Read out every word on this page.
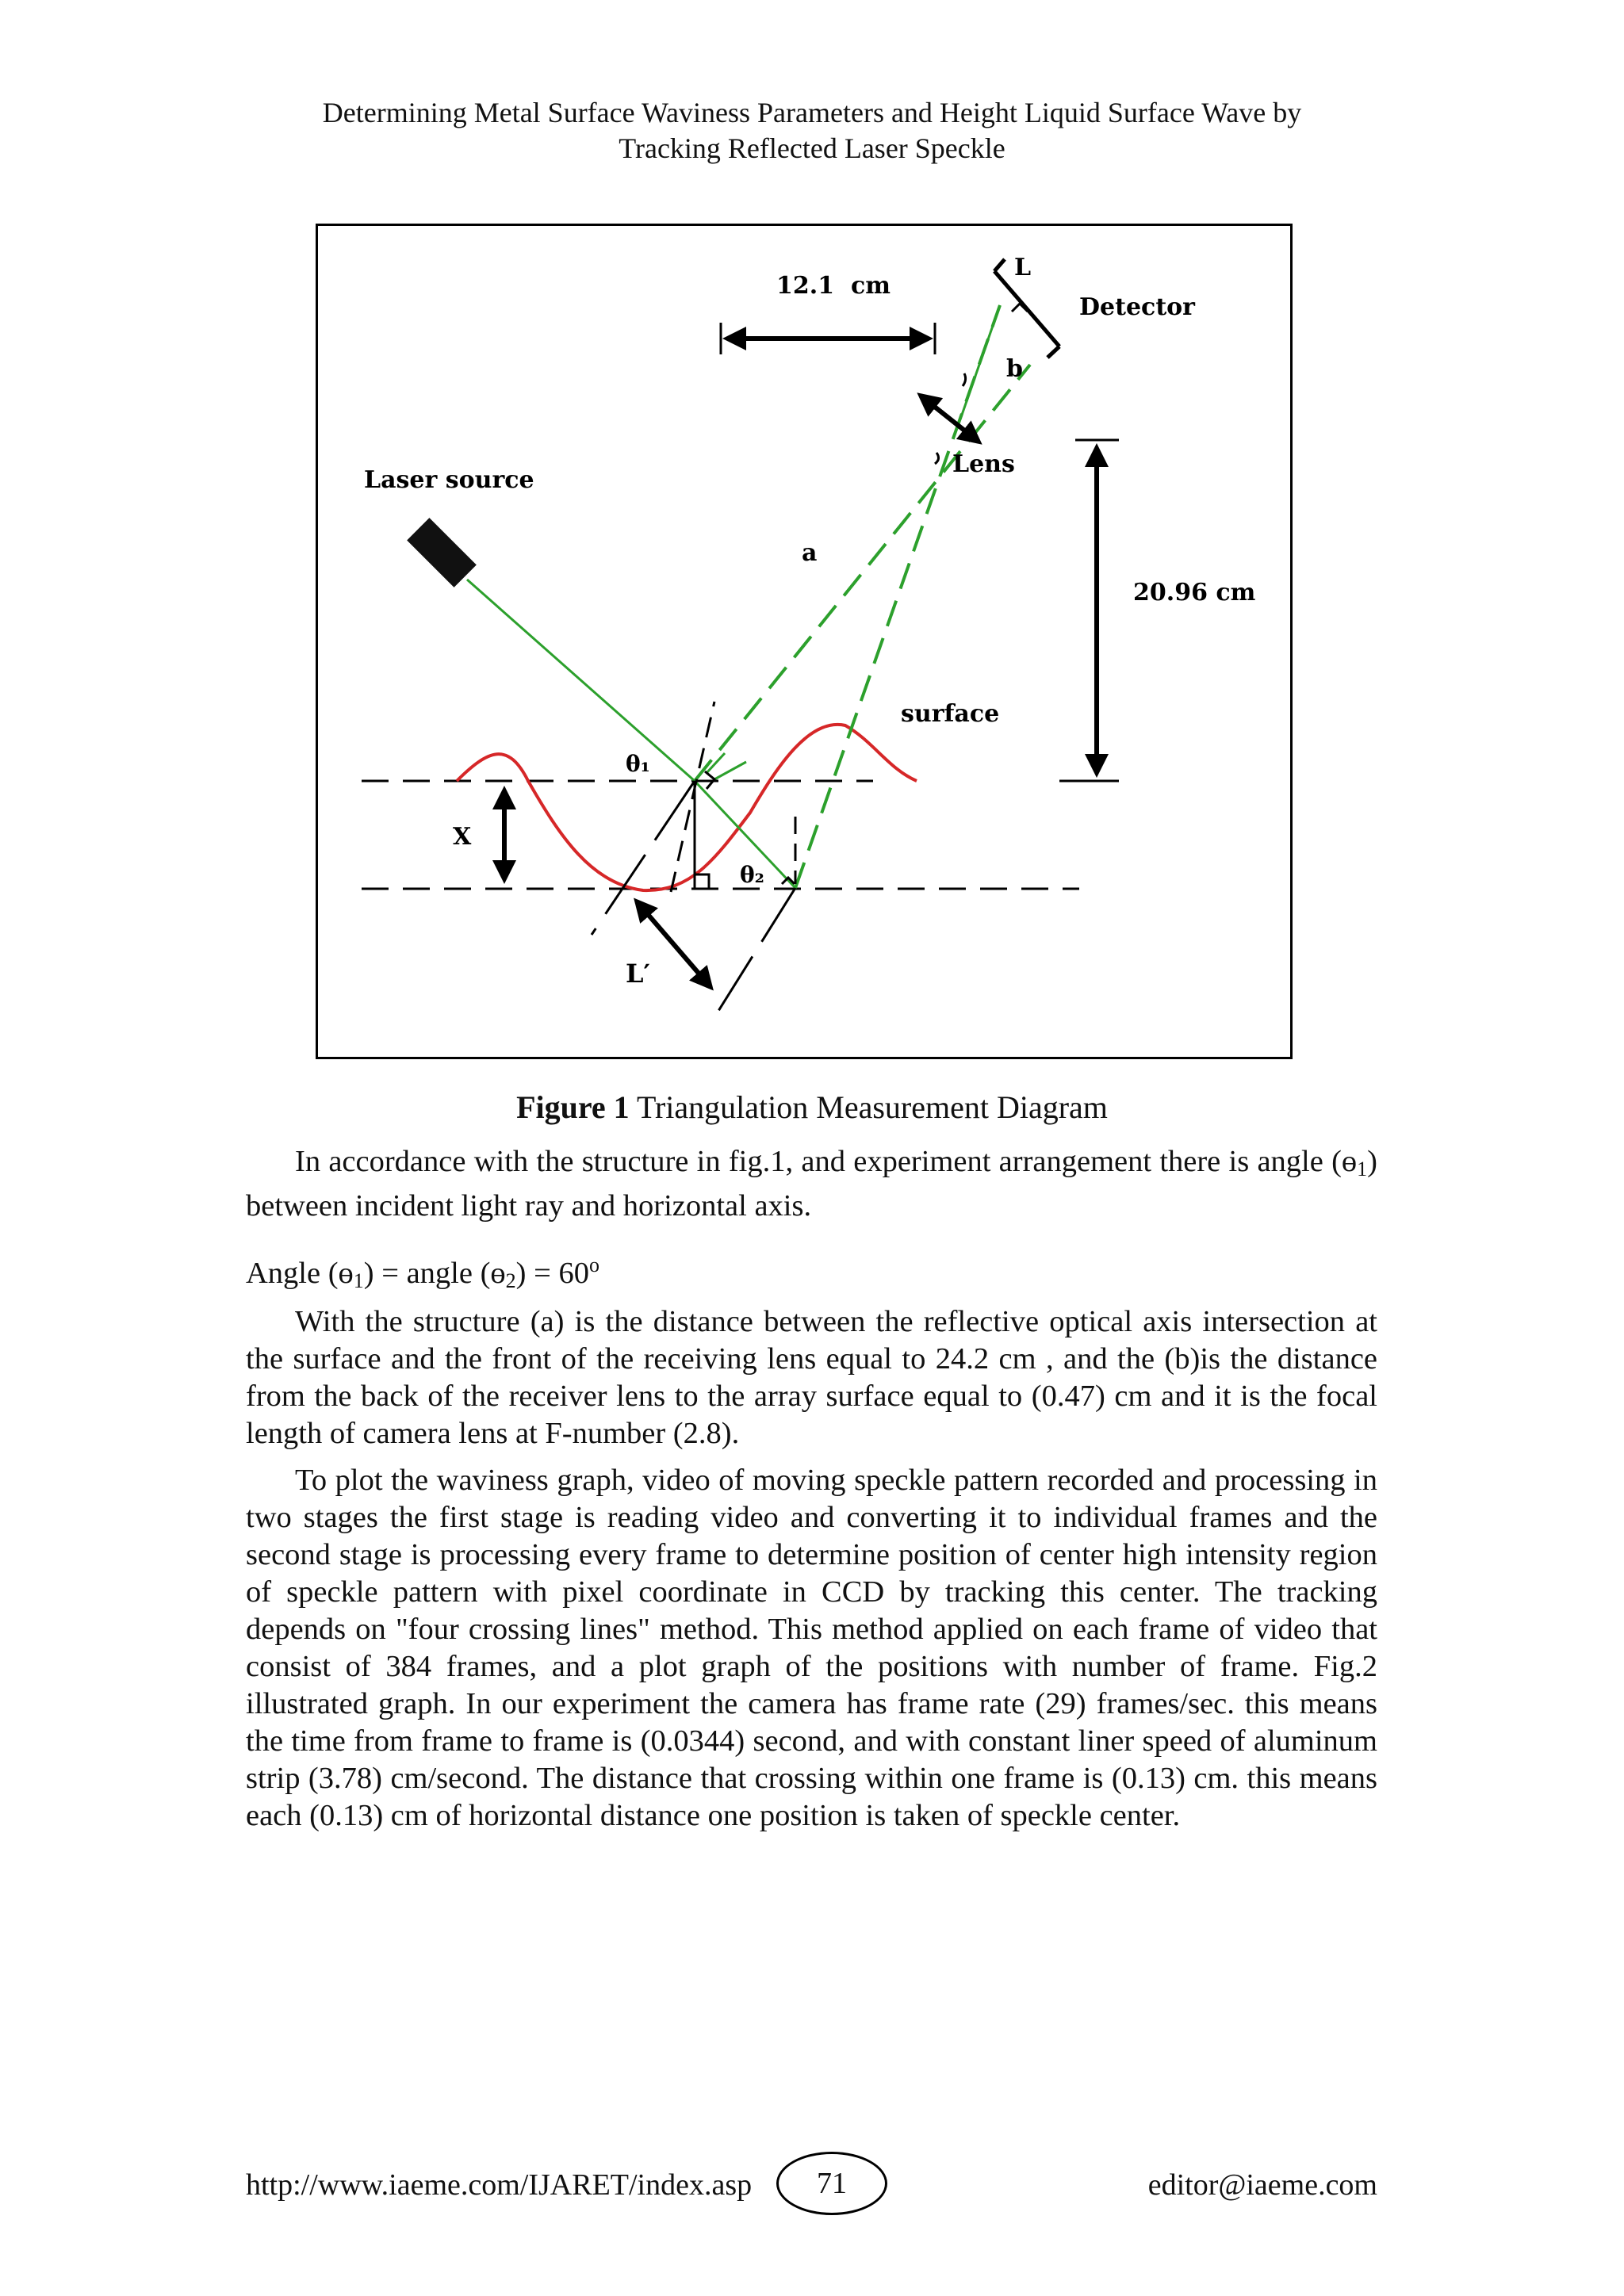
Determining Metal Surface Waviness Parameters and Height Liquid Surface Wave by
Tracking Reflected Laser Speckle
12.1  cm
L
Detector
b
Lens
Laser source
a
20.96 cm
surface
θ₁
X
θ₂
L′
Figure 1 Triangulation Measurement Diagram

In accordance with the structure in fig.1, and experiment arrangement there is angle (ɵ$_1$) between incident light ray and horizontal axis.

Angle (ɵ$_1$) = angle (ɵ$_2$) = $60^o$

With the structure (a) is the distance between the reflective optical axis intersection at the surface and the front of the receiving lens equal to 24.2 cm , and the (b)is the distance from the back of the receiver lens to the array surface equal to (0.47) cm and it is the focal length of camera lens at F-number (2.8).

To plot the waviness graph, video of moving speckle pattern recorded and processing in two stages the first stage is reading video and converting it to individual frames and the second stage is processing every frame to determine position of center high intensity region of speckle pattern with pixel coordinate in CCD by tracking this center. The tracking depends on "four crossing lines" method. This method applied on each frame of video that consist of 384 frames, and a plot graph of the positions with number of frame. Fig.2 illustrated graph. In our experiment the camera has frame rate (29) frames/sec. this means the time from frame to frame is (0.0344) second, and with constant liner speed of aluminum strip (3.78) cm/second. The distance that crossing within one frame is (0.13) cm. this means each (0.13) cm of horizontal distance one position is taken of speckle center.

http://www.iaeme.com/IJARET/index.asp	71	editor@iaeme.com
